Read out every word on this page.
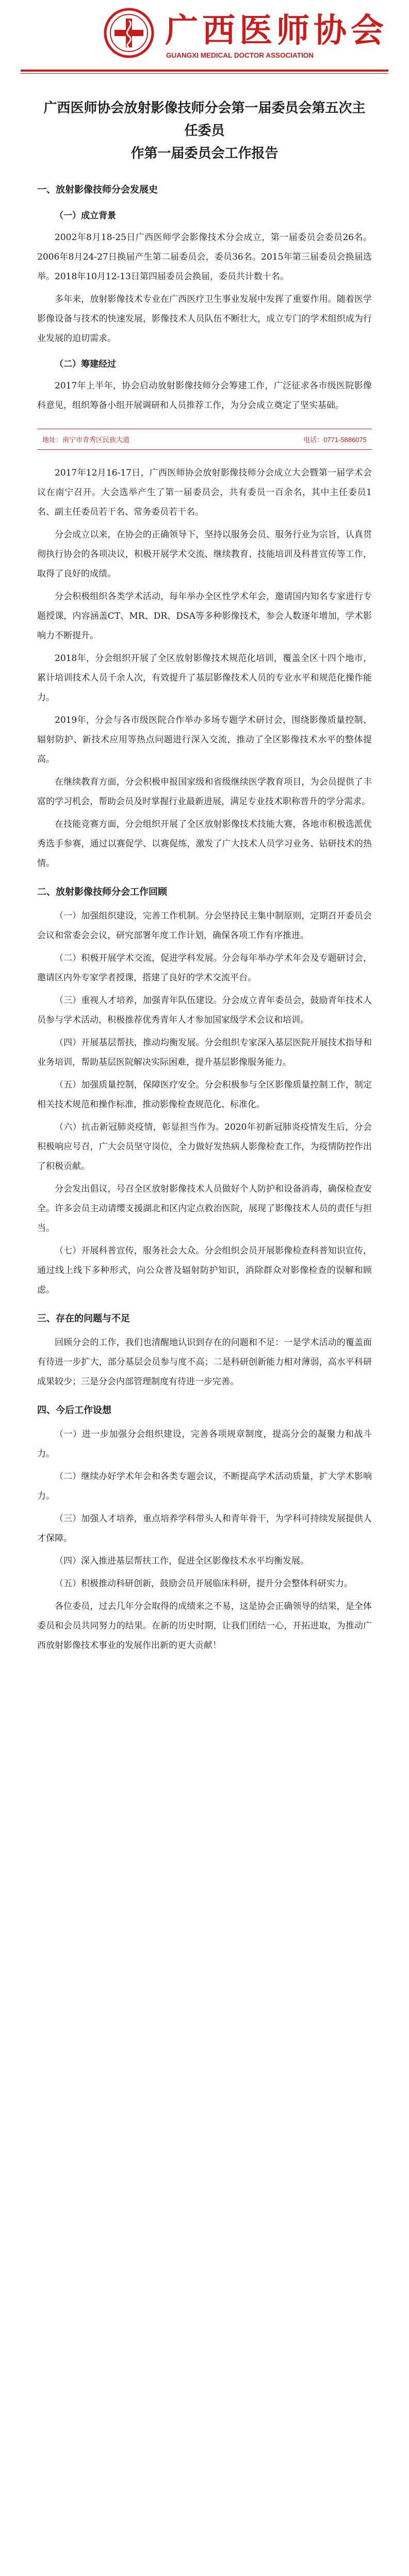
广西医师协会
GUANGXI MEDICAL DOCTOR ASSOCIATION
广西医师协会放射影像技师分会第一届委员会第五次主任委员
作第一届委员会工作报告
一、放射影像技师分会发展史
（一）成立背景

2002年8月18-25日广西医师学会影像技术分会成立，第一届委员会委员26名。2006年8月24-27日换届产生第二届委员会，委员36名。2015年第三届委员会换届选举。2018年10月12-13日第四届委员会换届，委员共计数十名。

多年来，放射影像技术专业在广西医疗卫生事业发展中发挥了重要作用。随着医学影像设备与技术的快速发展，影像技术人员队伍不断壮大，成立专门的学术组织成为行业发展的迫切需求。

（二）筹建经过

2017年上半年，协会启动放射影像技师分会筹建工作，广泛征求各市级医院影像科意见，组织筹备小组开展调研和人员推荐工作，为分会成立奠定了坚实基础。

地址：南宁市青秀区民族大道	电话：0771-5886075

2017年12月16-17日，广西医师协会放射影像技师分会成立大会暨第一届学术会议在南宁召开。大会选举产生了第一届委员会，共有委员一百余名，其中主任委员1名、副主任委员若干名、常务委员若干名。

分会成立以来，在协会的正确领导下，坚持以服务会员、服务行业为宗旨，认真贯彻执行协会的各项决议，积极开展学术交流、继续教育、技能培训及科普宣传等工作，取得了良好的成绩。

分会积极组织各类学术活动，每年举办全区性学术年会，邀请国内知名专家进行专题授课，内容涵盖CT、MR、DR、DSA等多种影像技术，参会人数逐年增加，学术影响力不断提升。

2018年，分会组织开展了全区放射影像技术规范化培训，覆盖全区十四个地市，累计培训技术人员千余人次，有效提升了基层影像技术人员的专业水平和规范化操作能力。

2019年，分会与各市级医院合作举办多场专题学术研讨会，围绕影像质量控制、辐射防护、新技术应用等热点问题进行深入交流，推动了全区影像技术水平的整体提高。

在继续教育方面，分会积极申报国家级和省级继续医学教育项目，为会员提供了丰富的学习机会，帮助会员及时掌握行业最新进展，满足专业技术职称晋升的学分需求。

在技能竞赛方面，分会组织开展了全区放射影像技术技能大赛，各地市积极选派优秀选手参赛，通过以赛促学、以赛促练，激发了广大技术人员学习业务、钻研技术的热情。

二、放射影像技师分会工作回顾

（一）加强组织建设，完善工作机制。分会坚持民主集中制原则，定期召开委员会会议和常委会会议，研究部署年度工作计划，确保各项工作有序推进。

（二）积极开展学术交流，促进学科发展。分会每年举办学术年会及专题研讨会，邀请区内外专家学者授课，搭建了良好的学术交流平台。

（三）重视人才培养，加强青年队伍建设。分会成立青年委员会，鼓励青年技术人员参与学术活动，积极推荐优秀青年人才参加国家级学术会议和培训。

（四）开展基层帮扶，推动均衡发展。分会组织专家深入基层医院开展技术指导和业务培训，帮助基层医院解决实际困难，提升基层影像服务能力。

（五）加强质量控制，保障医疗安全。分会积极参与全区影像质量控制工作，制定相关技术规范和操作标准，推动影像检查规范化、标准化。

（六）抗击新冠肺炎疫情，彰显担当作为。2020年初新冠肺炎疫情发生后，分会积极响应号召，广大会员坚守岗位，全力做好发热病人影像检查工作，为疫情防控作出了积极贡献。

分会发出倡议，号召全区放射影像技术人员做好个人防护和设备消毒，确保检查安全。许多会员主动请缨支援湖北和区内定点救治医院，展现了影像技术人员的责任与担当。

（七）开展科普宣传，服务社会大众。分会组织会员开展影像检查科普知识宣传，通过线上线下多种形式，向公众普及辐射防护知识，消除群众对影像检查的误解和顾虑。

三、存在的问题与不足

回顾分会的工作，我们也清醒地认识到存在的问题和不足：一是学术活动的覆盖面有待进一步扩大，部分基层会员参与度不高；二是科研创新能力相对薄弱，高水平科研成果较少；三是分会内部管理制度有待进一步完善。

四、今后工作设想

（一）进一步加强分会组织建设，完善各项规章制度，提高分会的凝聚力和战斗力。

（二）继续办好学术年会和各类专题会议，不断提高学术活动质量，扩大学术影响力。

（三）加强人才培养，重点培养学科带头人和青年骨干，为学科可持续发展提供人才保障。

（四）深入推进基层帮扶工作，促进全区影像技术水平均衡发展。

（五）积极推动科研创新，鼓励会员开展临床科研，提升分会整体科研实力。

各位委员，过去几年分会取得的成绩来之不易，这是协会正确领导的结果，是全体委员和会员共同努力的结果。在新的历史时期，让我们团结一心，开拓进取，为推动广西放射影像技术事业的发展作出新的更大贡献！
